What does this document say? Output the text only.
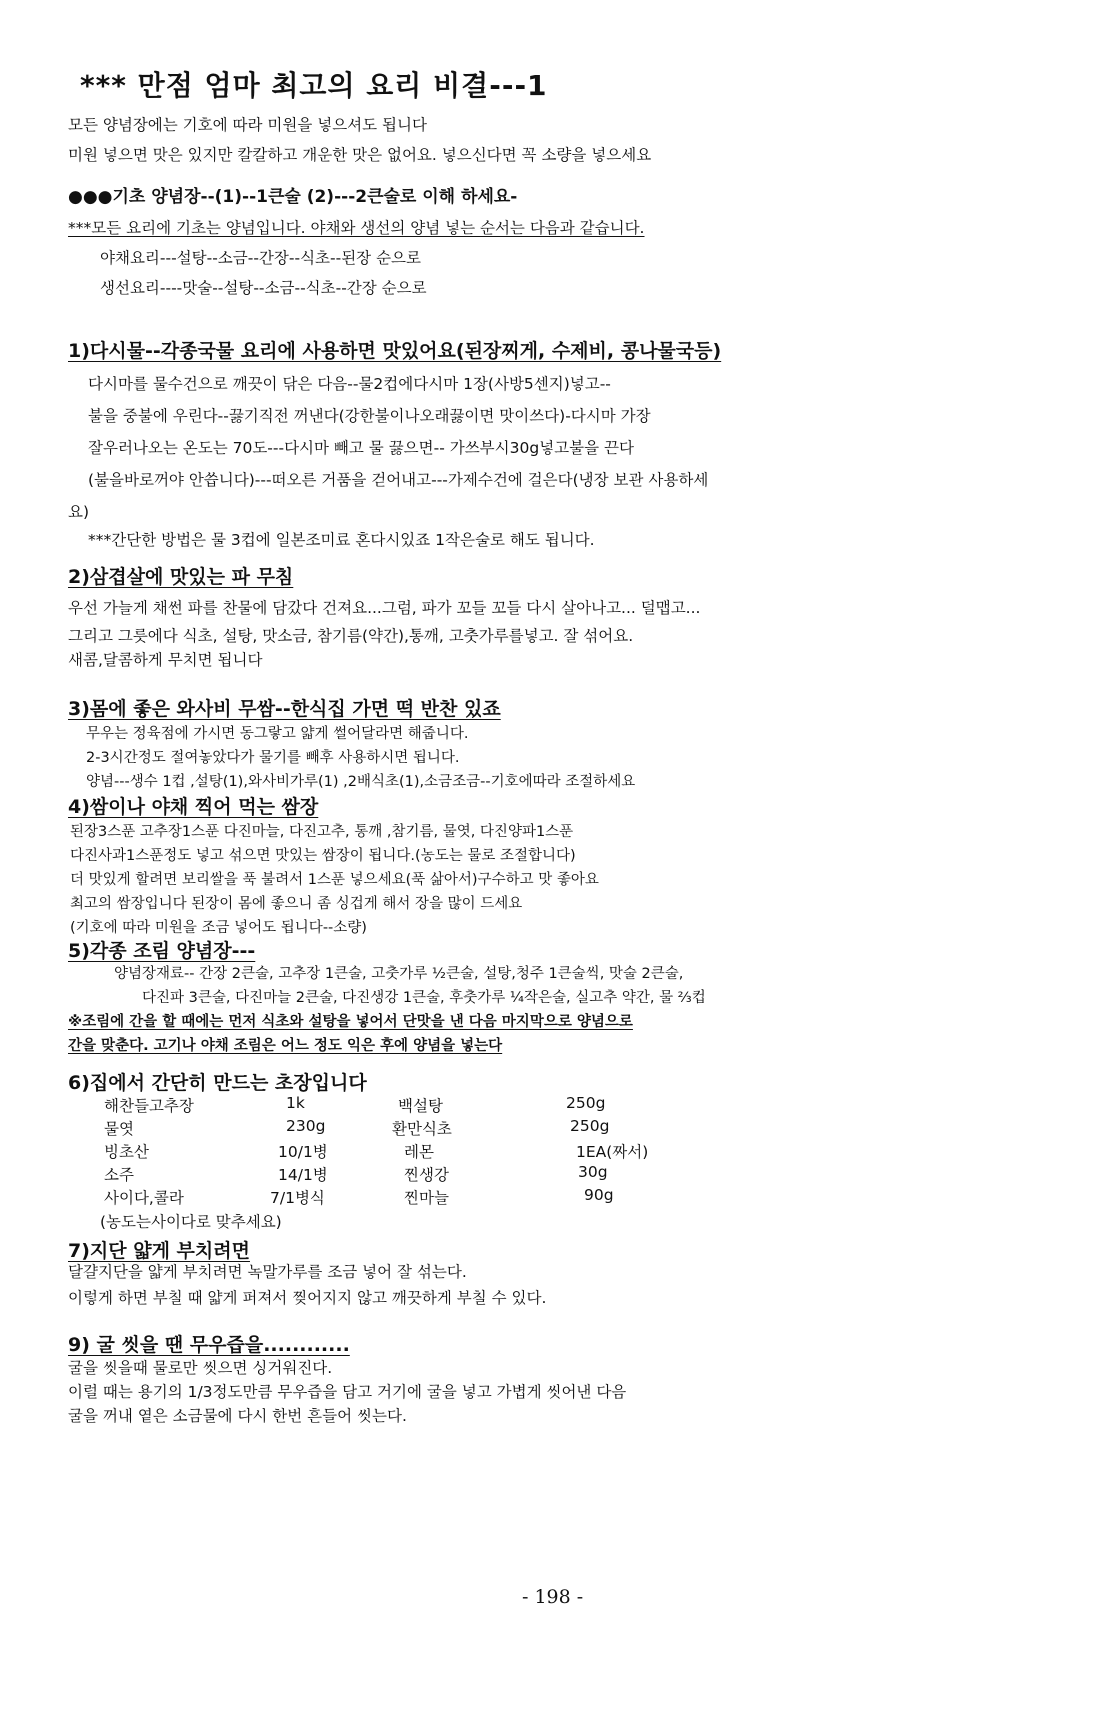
*** 만점 엄마 최고의 요리 비결---1
모든 양념장에는 기호에 따라 미원을 넣으셔도 됩니다
미원 넣으면 맛은 있지만 칼칼하고 개운한 맛은 없어요. 넣으신다면 꼭 소량을 넣으세요
●●●기초 양념장--(1)--1큰술 (2)---2큰술로 이해 하세요-
***모든 요리에 기초는 양념입니다. 야채와 생선의 양념 넣는 순서는 다음과 같습니다.
야채요리---설탕--소금--간장--식초--된장 순으로
생선요리----맛술--설탕--소금--식초--간장 순으로
1)다시물--각종국물 요리에 사용하면 맛있어요(된장찌게, 수제비, 콩나물국등)
다시마를 물수건으로 깨끗이 닦은 다음--물2컵에다시마 1장(사방5센지)넣고--
불을 중불에 우린다--끓기직전 꺼낸다(강한불이나오래끓이면 맛이쓰다)-다시마 가장
잘우러나오는 온도는 70도---다시마 빼고 물 끓으면-- 가쓰부시30g넣고불을 끈다
(불을바로꺼야 안씁니다)---떠오른 거품을 걷어내고---가제수건에 걸은다(냉장 보관 사용하세
요)
***간단한 방법은 물 3컵에 일본조미료 혼다시있죠 1작은술로 해도 됩니다.
2)삼겹살에 맛있는 파 무침
우선 가늘게 채썬 파를 찬물에 담갔다 건져요...그럼, 파가 꼬들 꼬들 다시 살아나고... 덜맵고...
그리고 그릇에다 식초, 설탕, 맛소금, 참기름(약간),통깨, 고춧가루를넣고. 잘 섞어요.
새콤,달콤하게 무치면 됩니다
3)몸에 좋은 와사비 무쌈--한식집 가면 떡 반찬 있죠
무우는 정육점에 가시면 동그랗고 얇게 썰어달라면 해줍니다.
2-3시간정도 절여놓았다가 물기를 빼후 사용하시면 됩니다.
양념---생수 1컵 ,설탕(1),와사비가루(1) ,2배식초(1),소금조금--기호에따라 조절하세요
4)쌈이나 야채 찍어 먹는 쌈장
된장3스푼 고추장1스푼 다진마늘, 다진고추, 통깨 ,참기름, 물엿, 다진양파1스푼
다진사과1스푼정도 넣고 섞으면 맛있는 쌈장이 됩니다.(농도는 물로 조절합니다)
더 맛있게 할려면 보리쌀을 푹 불려서 1스푼 넣으세요(푹 삶아서)구수하고 맛 좋아요
최고의 쌈장입니다 된장이 몸에 좋으니 좀 싱겁게 해서 장을 많이 드세요
(기호에 따라 미원을 조금 넣어도 됩니다--소량)
5)각종 조림 양념장---
양념장재료-- 간장 2큰술, 고추장 1큰술, 고춧가루 ½큰술, 설탕,청주 1큰술씩, 맛술 2큰술,
다진파 3큰술, 다진마늘 2큰술, 다진생강 1큰술, 후춧가루 ¼작은술, 실고추 약간, 물 ⅔컵
※조림에 간을 할 때에는 먼저 식초와 설탕을 넣어서 단맛을 낸 다음 마지막으로 양념으로
간을 맞춘다. 고기나 야채 조림은 어느 정도 익은 후에 양념을 넣는다
6)집에서 간단히 만드는 초장입니다
해찬들고추장	1k	백설탕	250g
물엿	230g	환만식초	250g
빙초산	10/1병	레몬	1EA(짜서)
소주	14/1병	찐생강	30g
사이다,콜라	7/1병식	찐마늘	90g
(농도는사이다로 맞추세요)
7)지단 얇게 부치려면
달걀지단을 얇게 부치려면 녹말가루를 조금 넣어 잘 섞는다.
이렇게 하면 부칠 때 얇게 퍼져서 찢어지지 않고 깨끗하게 부칠 수 있다.
9) 굴 씻을 땐 무우즙을............
굴을 씻을때 물로만 씻으면 싱거워진다.
이럴 때는 용기의 1/3정도만큼 무우즙을 담고 거기에 굴을 넣고 가볍게 씻어낸 다음
굴을 꺼내 옅은 소금물에 다시 한번 흔들어 씻는다.
- 198 -
